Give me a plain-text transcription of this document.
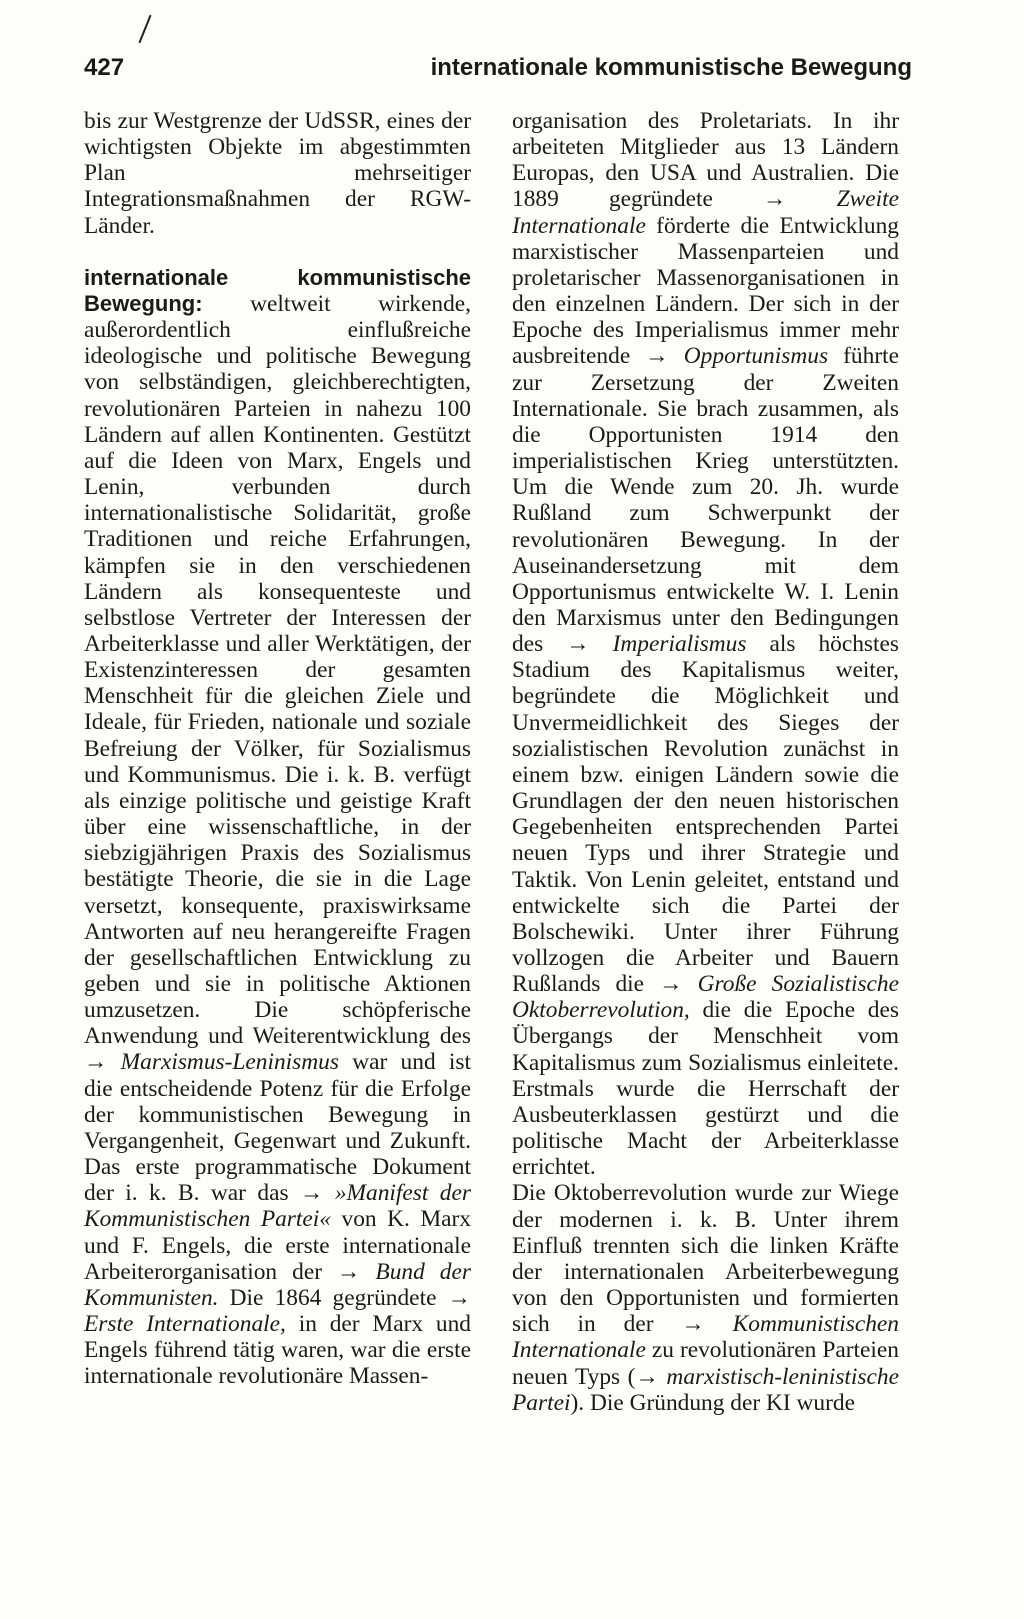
427	internationale kommunistische Bewegung

bis zur Westgrenze der UdSSR, eines der wichtigsten Objekte im abgestimmten Plan mehrseitiger Integrationsmaßnahmen der RGW-Länder.

internationale kommunistische Bewegung: weltweit wirkende, außerordentlich einflußreiche ideologische und politische Bewegung von selbständigen, gleichberechtigten, revolutionären Parteien in nahezu 100 Ländern auf allen Kontinenten. Gestützt auf die Ideen von Marx, Engels und Lenin, verbunden durch internationalistische Solidarität, große Traditionen und reiche Erfahrungen, kämpfen sie in den verschiedenen Ländern als konsequenteste und selbstlose Vertreter der Interessen der Arbeiterklasse und aller Werktätigen, der Existenzinteressen der gesamten Menschheit für die gleichen Ziele und Ideale, für Frieden, nationale und soziale Befreiung der Völker, für Sozialismus und Kommunismus. Die i. k. B. verfügt als einzige politische und geistige Kraft über eine wissenschaftliche, in der siebzigjährigen Praxis des Sozialismus bestätigte Theorie, die sie in die Lage versetzt, konsequente, praxiswirksame Antworten auf neu herangereifte Fragen der gesellschaftlichen Entwicklung zu geben und sie in politische Aktionen umzusetzen. Die schöpferische Anwendung und Weiterentwicklung des → Marxismus-Leninismus war und ist die entscheidende Potenz für die Erfolge der kommunistischen Bewegung in Vergangenheit, Gegenwart und Zukunft. Das erste programmatische Dokument der i. k. B. war das → »Manifest der Kommunistischen Partei« von K. Marx und F. Engels, die erste internationale Arbeiterorganisation der → Bund der Kommunisten. Die 1864 gegründete → Erste Internationale, in der Marx und Engels führend tätig waren, war die erste internationale revolutionäre Massen-

organisation des Proletariats. In ihr arbeiteten Mitglieder aus 13 Ländern Europas, den USA und Australien. Die 1889 gegründete → Zweite Internationale förderte die Entwicklung marxistischer Massenparteien und proletarischer Massenorganisationen in den einzelnen Ländern. Der sich in der Epoche des Imperialismus immer mehr ausbreitende → Opportunismus führte zur Zersetzung der Zweiten Internationale. Sie brach zusammen, als die Opportunisten 1914 den imperialistischen Krieg unterstützten. Um die Wende zum 20. Jh. wurde Rußland zum Schwerpunkt der revolutionären Bewegung. In der Auseinandersetzung mit dem Opportunismus entwickelte W. I. Lenin den Marxismus unter den Bedingungen des → Imperialismus als höchstes Stadium des Kapitalismus weiter, begründete die Möglichkeit und Unvermeidlichkeit des Sieges der sozialistischen Revolution zunächst in einem bzw. einigen Ländern sowie die Grundlagen der den neuen historischen Gegebenheiten entsprechenden Partei neuen Typs und ihrer Strategie und Taktik. Von Lenin geleitet, entstand und entwickelte sich die Partei der Bolschewiki. Unter ihrer Führung vollzogen die Arbeiter und Bauern Rußlands die → Große Sozialistische Oktoberrevolution, die die Epoche des Übergangs der Menschheit vom Kapitalismus zum Sozialismus einleitete. Erstmals wurde die Herrschaft der Ausbeuterklassen gestürzt und die politische Macht der Arbeiterklasse errichtet.

Die Oktoberrevolution wurde zur Wiege der modernen i. k. B. Unter ihrem Einfluß trennten sich die linken Kräfte der internationalen Arbeiterbewegung von den Opportunisten und formierten sich in der → Kommunistischen Internationale zu revolutionären Parteien neuen Typs (→ marxistisch-leninistische Partei). Die Gründung der KI wurde
